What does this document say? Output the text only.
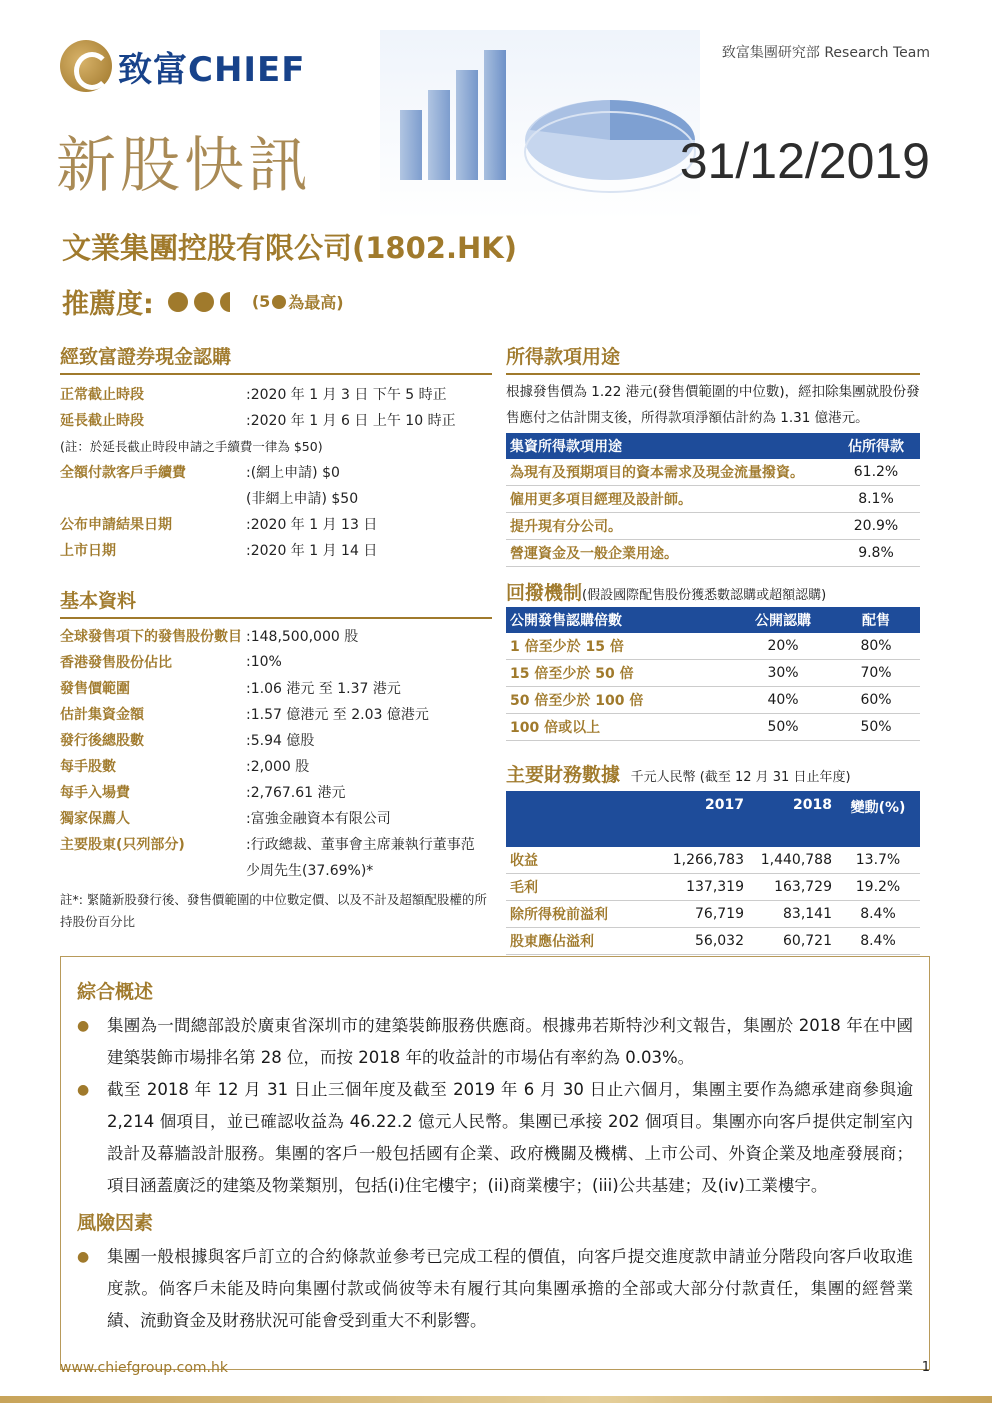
致富CHIEF	致富集團研究部 Research Team
新股快訊	31/12/2019
文業集團控股有限公司(1802.HK)
推薦度:	(5 為最高)
經致富證券現金認購
正常截止時段	:2020 年 1 月 3 日 下午 5 時正
延長截止時段	:2020 年 1 月 6 日 上午 10 時正
(註：於延長截止時段申請之手續費一律為 $50)
全額付款客戶手續費	:(網上申請) $0
(非網上申請) $50
公布申請結果日期	:2020 年 1 月 13 日
上市日期	:2020 年 1 月 14 日
基本資料
全球發售項下的發售股份數目 :148,500,000 股
香港發售股份佔比	:10%
發售價範圍	:1.06 港元 至 1.37 港元
估計集資金額	:1.57 億港元 至 2.03 億港元
發行後總股數	:5.94 億股
每手股數	:2,000 股
每手入場費	:2,767.61 港元
獨家保薦人	:富強金融資本有限公司
主要股東(只列部分)	:行政總裁、董事會主席兼執行董事范
少周先生(37.69%)*
註*: 緊隨新股發行後、發售價範圍的中位數定價、以及不計及超額配股權的所持股份百分比
所得款項用途
根據發售價為 1.22 港元(發售價範圍的中位數)，經扣除集團就股份發售應付之估計開支後，所得款項淨額估計約為 1.31 億港元。
集資所得款項用途	佔所得款
為現有及預期項目的資本需求及現金流量撥資。	61.2%
僱用更多項目經理及設計師。	8.1%
提升現有分公司。	20.9%
營運資金及一般企業用途。	9.8%
回撥機制(假設國際配售股份獲悉數認購或超額認購)
公開發售認購倍數	公開認購	配售
1 倍至少於 15 倍	20%	80%
15 倍至少於 50 倍	30%	70%
50 倍至少於 100 倍	40%	60%
100 倍或以上	50%	50%
主要財務數據 千元人民幣 (截至 12 月 31 日止年度)
	2017	2018	變動(%)
收益	1,266,783	1,440,788	13.7%
毛利	137,319	163,729	19.2%
除所得稅前溢利	76,719	83,141	8.4%
股東應佔溢利	56,032	60,721	8.4%
綜合概述
●	集團為一間總部設於廣東省深圳市的建築裝飾服務供應商。根據弗若斯特沙利文報告，集團於 2018 年在中國建築裝飾市場排名第 28 位，而按 2018 年的收益計的市場佔有率約為 0.03%。
●	截至 2018 年 12 月 31 日止三個年度及截至 2019 年 6 月 30 日止六個月，集團主要作為總承建商參與逾 2,214 個項目，並已確認收益為 46.22.2 億元人民幣。集團已承接 202 個項目。集團亦向客戶提供定制室內設計及幕牆設計服務。集團的客戶一般包括國有企業、政府機關及機構、上市公司、外資企業及地產發展商；項目涵蓋廣泛的建築及物業類別，包括(i)住宅樓宇；(ii)商業樓宇；(iii)公共基建；及(iv)工業樓宇。
風險因素
●	集團一般根據與客戶訂立的合約條款並參考已完成工程的價值，向客戶提交進度款申請並分階段向客戶收取進度款。倘客戶未能及時向集團付款或倘彼等未有履行其向集團承擔的全部或大部分付款責任，集團的經營業績、流動資金及財務狀況可能會受到重大不利影響。
www.chiefgroup.com.hk	1
